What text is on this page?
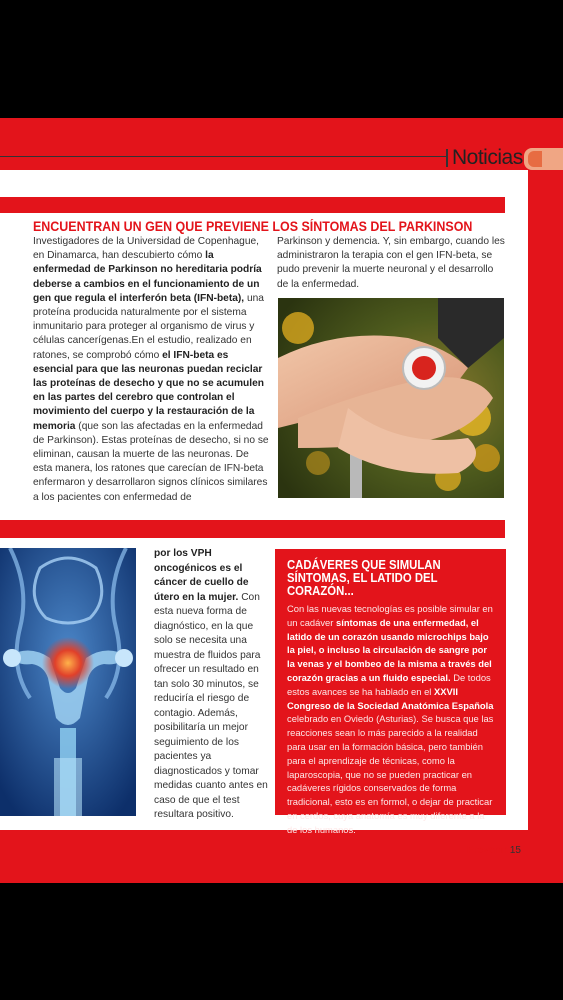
Noticias
ENCUENTRAN UN GEN QUE PREVIENE LOS SÍNTOMAS DEL PARKINSON

Investigadores de la Universidad de Copenhague, en Dinamarca, han descubierto cómo la enfermedad de Parkinson no hereditaria podría deberse a cambios en el funcionamiento de un gen que regula el interferón beta (IFN-beta), una proteína producida naturalmente por el sistema inmunitario para proteger al organismo de virus y células cancerígenas.En el estudio, realizado en ratones, se comprobó cómo el IFN-beta es esencial para que las neuronas puedan reciclar las proteínas de desecho y que no se acumulen en las partes del cerebro que controlan el movimiento del cuerpo y la restauración de la memoria (que son las afectadas en la enfermedad de Parkinson). Estas proteínas de desecho, si no se eliminan, causan la muerte de las neuronas. De esta manera, los ratones que carecían de IFN-beta enfermaron y desarrollaron signos clínicos similares a los pacientes con enfermedad de

Parkinson y demencia. Y, sin embargo, cuando les administraron la terapia con el gen IFN-beta, se pudo prevenir la muerte neuronal y el desarrollo de la enfermedad.

por los VPH oncogénicos es el cáncer de cuello de útero en la mujer. Con esta nueva forma de diagnóstico, en la que solo se necesita una muestra de fluidos para ofrecer un resultado en tan solo 30 minutos, se reduciría el riesgo de contagio. Además, posibilitaría un mejor seguimiento de los pacientes ya diagnosticados y tomar medidas cuanto antes en caso de que el test resultara positivo.

CADÁVERES QUE SIMULAN SÍNTOMAS, EL LATIDO DEL CORAZÓN...
Con las nuevas tecnologías es posible simular en un cadáver síntomas de una enfermedad, el latido de un corazón usando microchips bajo la piel, o incluso la circulación de sangre por la venas y el bombeo de la misma a través del corazón gracias a un fluido especial. De todos estos avances se ha hablado en el XXVII Congreso de la Sociedad Anatómica Española celebrado en Oviedo (Asturias). Se busca que las reacciones sean lo más parecido a la realidad para usar en la formación básica, pero también para el aprendizaje de técnicas, como la laparoscopia, que no se pueden practicar en cadáveres rígidos conservados de forma tradicional, esto es en formol, o dejar de practicar en cerdos, cuya anatomía es muy diferente a la de los humanos.
Prevenir 15
